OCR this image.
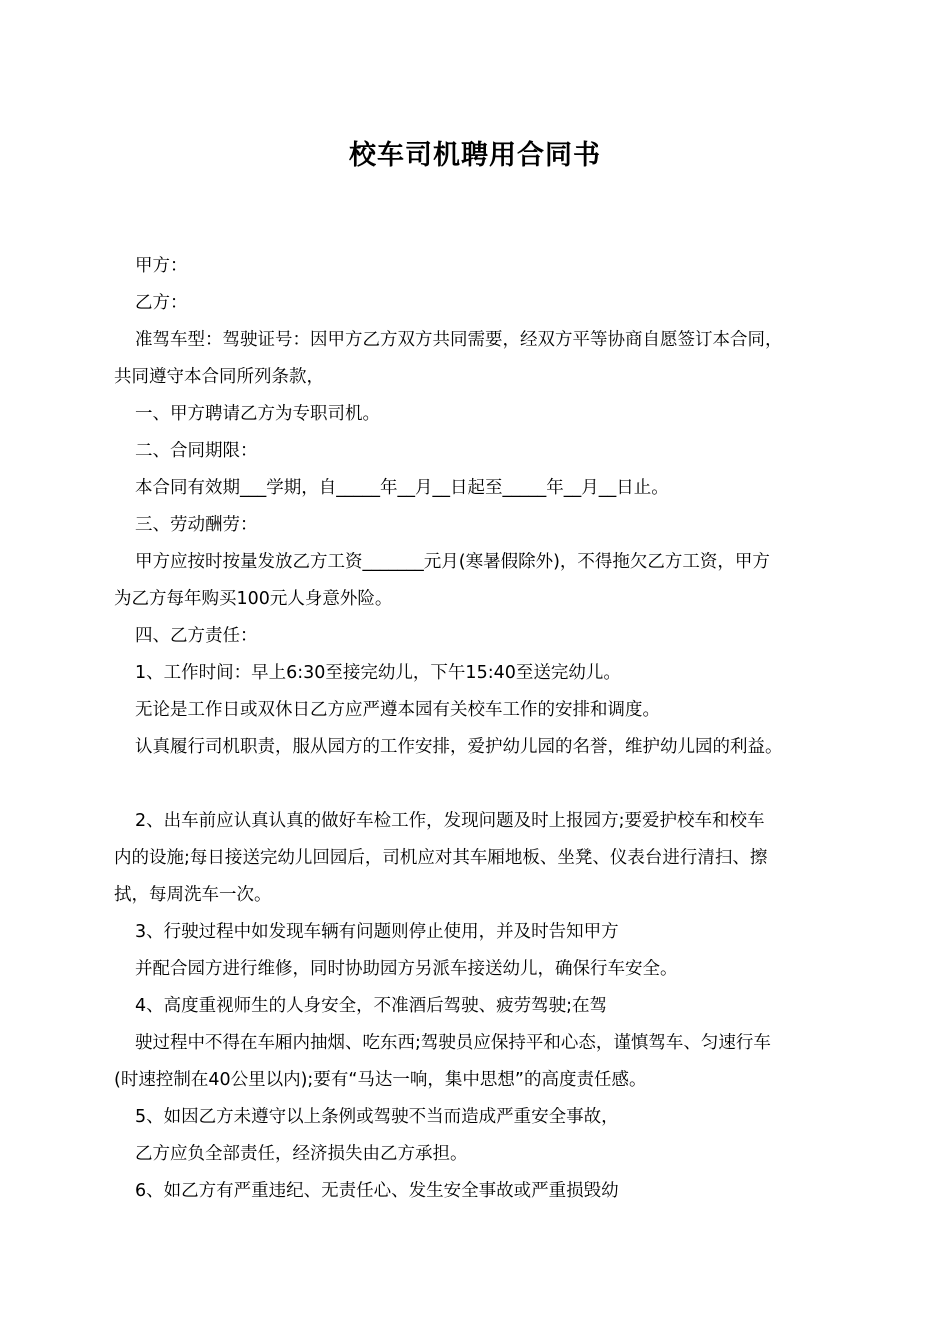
校车司机聘用合同书

甲方：

乙方：

准驾车型：驾驶证号：因甲方乙方双方共同需要，经双方平等协商自愿签订本合同，

共同遵守本合同所列条款，

一、甲方聘请乙方为专职司机。

二、合同期限：

本合同有效期___学期，自_____年__月__日起至_____年__月__日止。

三、劳动酬劳：

甲方应按时按量发放乙方工资_______元月(寒暑假除外)，不得拖欠乙方工资，甲方

为乙方每年购买100元人身意外险。

四、乙方责任：

1、工作时间：早上6:30至接完幼儿，下午15:40至送完幼儿。

无论是工作日或双休日乙方应严遵本园有关校车工作的安排和调度。

认真履行司机职责，服从园方的工作安排，爱护幼儿园的名誉，维护幼儿园的利益。

2、出车前应认真认真的做好车检工作，发现问题及时上报园方;要爱护校车和校车

内的设施;每日接送完幼儿回园后，司机应对其车厢地板、坐凳、仪表台进行清扫、擦

拭，每周洗车一次。

3、行驶过程中如发现车辆有问题则停止使用，并及时告知甲方

并配合园方进行维修，同时协助园方另派车接送幼儿，确保行车安全。

4、高度重视师生的人身安全，不准酒后驾驶、疲劳驾驶;在驾

驶过程中不得在车厢内抽烟、吃东西;驾驶员应保持平和心态，谨慎驾车、匀速行车

(时速控制在40公里以内);要有“马达一响，集中思想”的高度责任感。

5、如因乙方未遵守以上条例或驾驶不当而造成严重安全事故，

乙方应负全部责任，经济损失由乙方承担。

6、如乙方有严重违纪、无责任心、发生安全事故或严重损毁幼
